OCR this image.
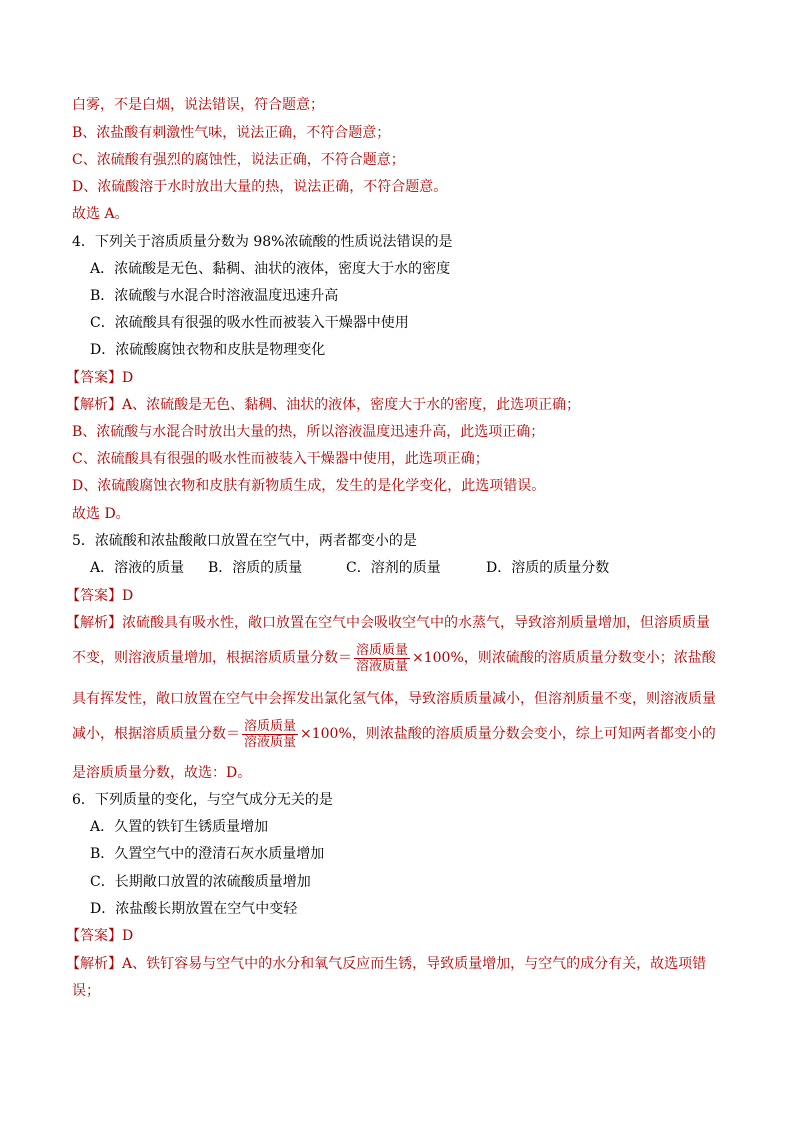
白雾，不是白烟，说法错误，符合题意；
B、浓盐酸有刺激性气味，说法正确，不符合题意；
C、浓硫酸有强烈的腐蚀性，说法正确，不符合题意；
D、浓硫酸溶于水时放出大量的热，说法正确，不符合题意。
故选 A。
4．下列关于溶质质量分数为 98%浓硫酸的性质说法错误的是
A．浓硫酸是无色、黏稠、油状的液体，密度大于水的密度
B．浓硫酸与水混合时溶液温度迅速升高
C．浓硫酸具有很强的吸水性而被装入干燥器中使用
D．浓硫酸腐蚀衣物和皮肤是物理变化
【答案】D
【解析】A、浓硫酸是无色、黏稠、油状的液体，密度大于水的密度，此选项正确；
B、浓硫酸与水混合时放出大量的热，所以溶液温度迅速升高，此选项正确；
C、浓硫酸具有很强的吸水性而被装入干燥器中使用，此选项正确；
D、浓硫酸腐蚀衣物和皮肤有新物质生成，发生的是化学变化，此选项错误。
故选 D。
5．浓硫酸和浓盐酸敞口放置在空气中，两者都变小的是
A．溶液的质量 B．溶质的质量	C．溶剂的质量	D．溶质的质量分数
【答案】D
【解析】浓硫酸具有吸水性，敞口放置在空气中会吸收空气中的水蒸气，导致溶剂质量增加，但溶质质量
不变，则溶液质量增加，根据溶质质量分数＝ $\frac{\text{溶质质量}}{\text{溶液质量}} \times 100\%$，则浓硫酸的溶质质量分数变小；浓盐酸
具有挥发性，敞口放置在空气中会挥发出氯化氢气体，导致溶质质量减小，但溶剂质量不变，则溶液质量
减小，根据溶质质量分数＝ $\frac{\text{溶质质量}}{\text{溶液质量}} \times 100\%$，则浓盐酸的溶质质量分数会变小，综上可知两者都变小的
是溶质质量分数，故选：D。
6．下列质量的变化，与空气成分无关的是
A．久置的铁钉生锈质量增加
B．久置空气中的澄清石灰水质量增加
C．长期敞口放置的浓硫酸质量增加
D．浓盐酸长期放置在空气中变轻
【答案】D
【解析】A、铁钉容易与空气中的水分和氧气反应而生锈，导致质量增加，与空气的成分有关，故选项错
误；
